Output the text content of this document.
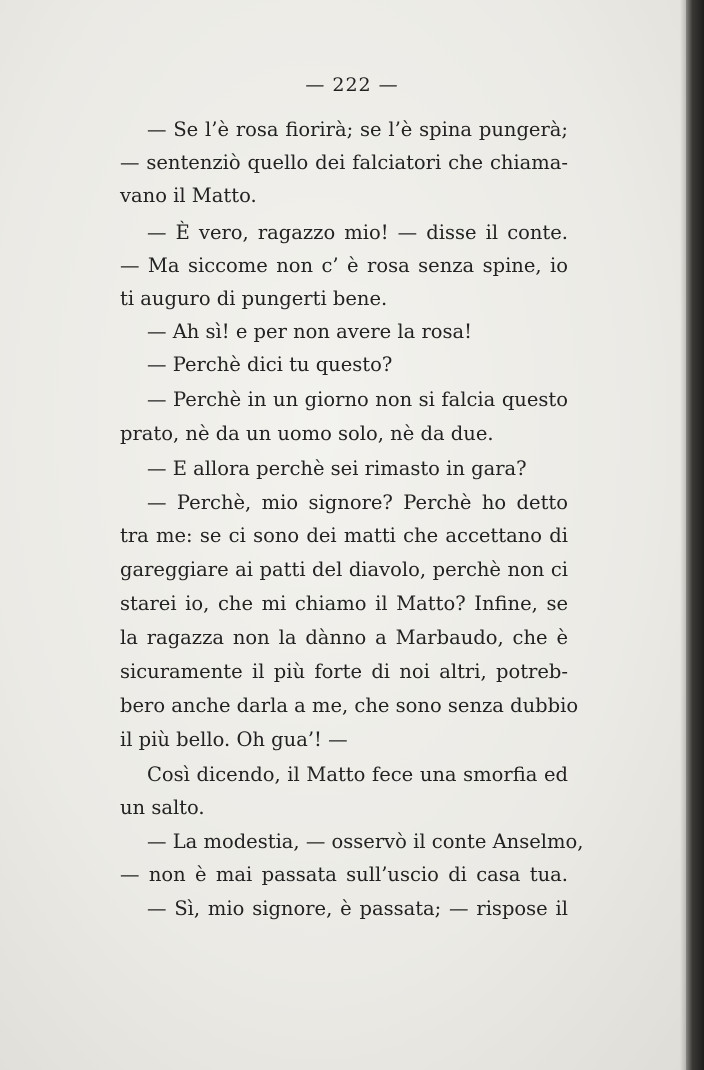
— 222 —
— Se l’è rosa fiorirà; se l’è spina pungerà;
— sentenziò quello dei falciatori che chiama-
vano il Matto.
— È vero, ragazzo mio! — disse il conte.
— Ma siccome non c’ è rosa senza spine, io
ti auguro di pungerti bene.
— Ah sì! e per non avere la rosa!
— Perchè dici tu questo?
— Perchè in un giorno non si falcia questo
prato, nè da un uomo solo, nè da due.
— E allora perchè sei rimasto in gara?
— Perchè, mio signore? Perchè ho detto
tra me: se ci sono dei matti che accettano di
gareggiare ai patti del diavolo, perchè non ci
starei io, che mi chiamo il Matto? Infine, se
la ragazza non la dànno a Marbaudo, che è
sicuramente il più forte di noi altri, potreb-
bero anche darla a me, che sono senza dubbio
il più bello. Oh gua’! —
Così dicendo, il Matto fece una smorfia ed
un salto.
— La modestia, — osservò il conte Anselmo,
— non è mai passata sull’uscio di casa tua.
— Sì, mio signore, è passata; — rispose il
